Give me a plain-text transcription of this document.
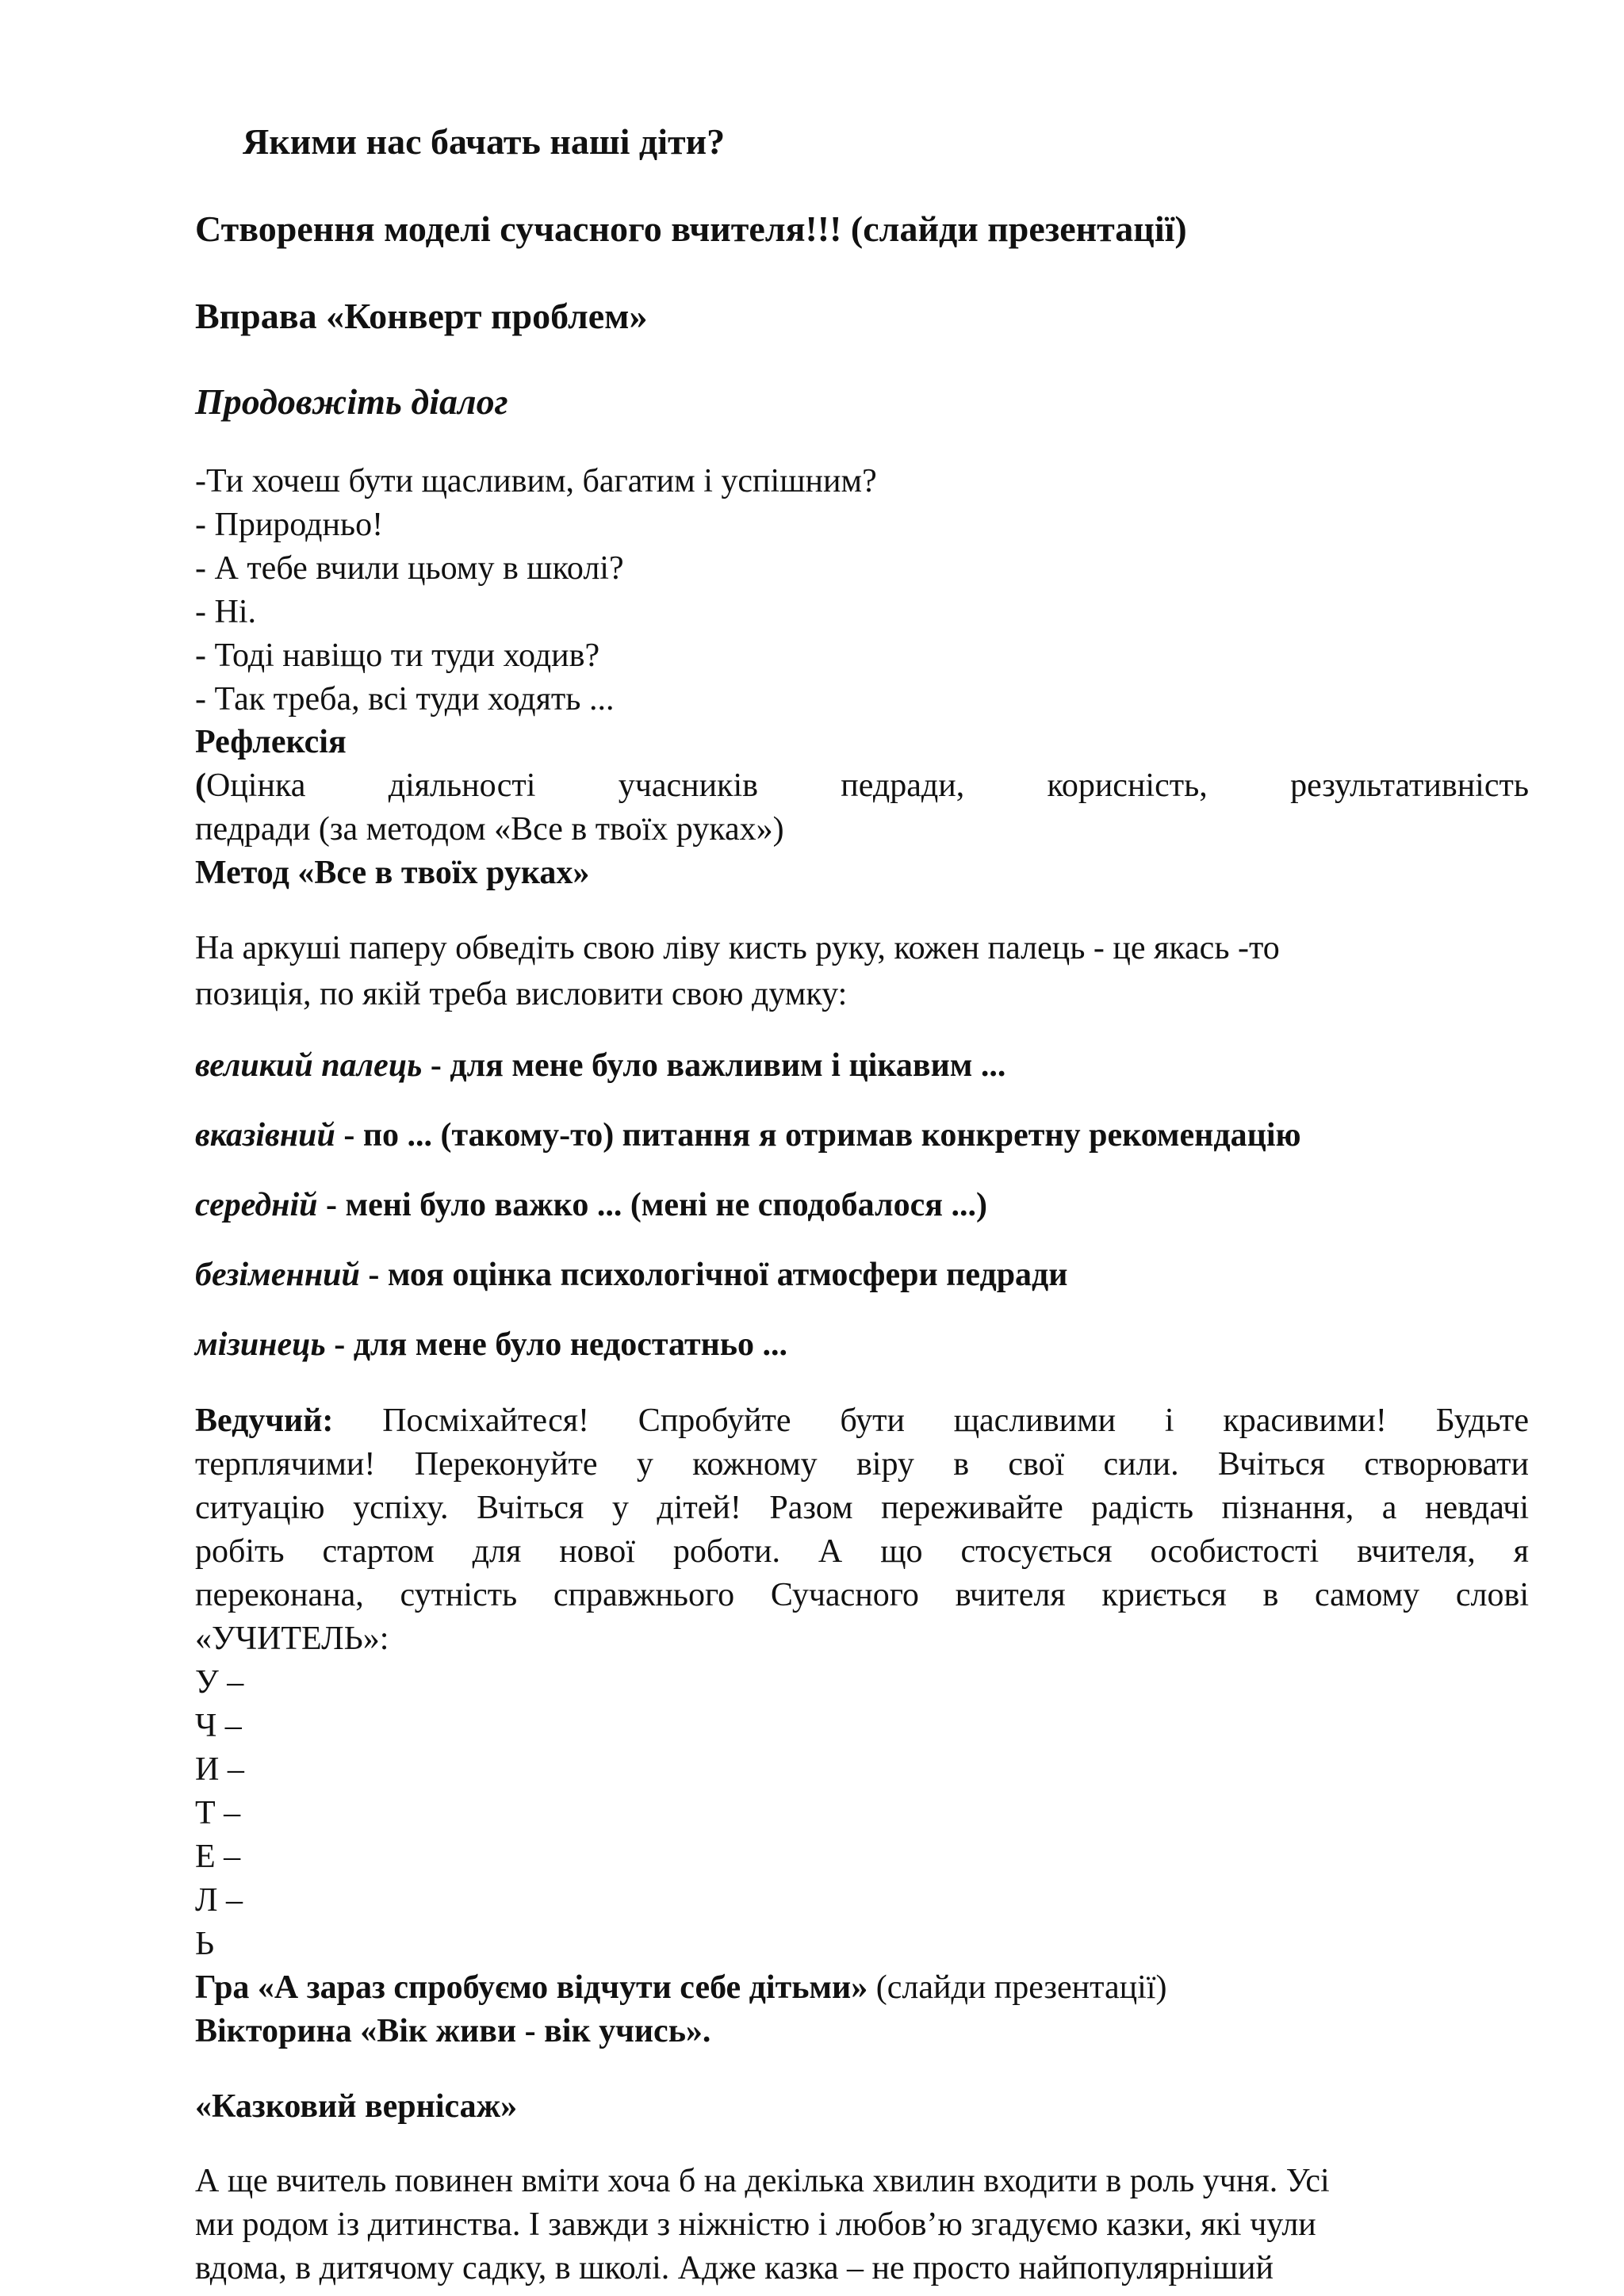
Якими нас бачать наші діти?
Створення моделі сучасного вчителя!!! (слайди презентації)
Вправа «Конверт проблем»
Продовжіть діалог
-Ти хочеш бути щасливим, багатим і успішним?
- Природньо!
- А тебе вчили цьому в школі?
- Ні.
- Тоді навіщо ти туди ходив?
- Так треба, всі туди ходять ...
Рефлексія
(Оцінка діяльності учасників педради, корисність, результативність
педради (за методом «Все в твоїх руках»)
Метод «Все в твоїх руках»
На аркуші паперу обведіть свою ліву кисть руку, кожен палець - це якась -то
позиція, по якій треба висловити свою думку:
великий палець - для мене було важливим і цікавим ...
вказівний - по ... (такому-то) питання я отримав конкретну рекомендацію
середній - мені було важко ... (мені не сподобалося ...)
безіменний - моя оцінка психологічної атмосфери педради
мізинець - для мене було недостатньо ...
Ведучий: Посміхайтеся! Спробуйте бути щасливими і красивими! Будьте
терплячими! Переконуйте у кожному віру в свої сили. Вчіться створювати
ситуацію успіху. Вчіться у дітей! Разом переживайте радість пізнання, а невдачі
робіть стартом для нової роботи. А що стосується особистості вчителя, я
переконана, сутність справжнього Сучасного вчителя криється в самому слові
«УЧИТЕЛЬ»:
У –
Ч –
И –
Т –
Е –
Л –
Ь
Гра «А зараз спробуємо відчути себе дітьми» (слайди презентації)
Вікторина «Вік живи - вік учись».
«Казковий вернісаж»
А ще вчитель повинен вміти хоча б на декілька хвилин входити в роль учня. Усі
ми родом із дитинства. І завжди з ніжністю і любов’ю згадуємо казки, які чули
вдома, в дитячому садку, в школі. Адже казка – не просто найпопулярніший
